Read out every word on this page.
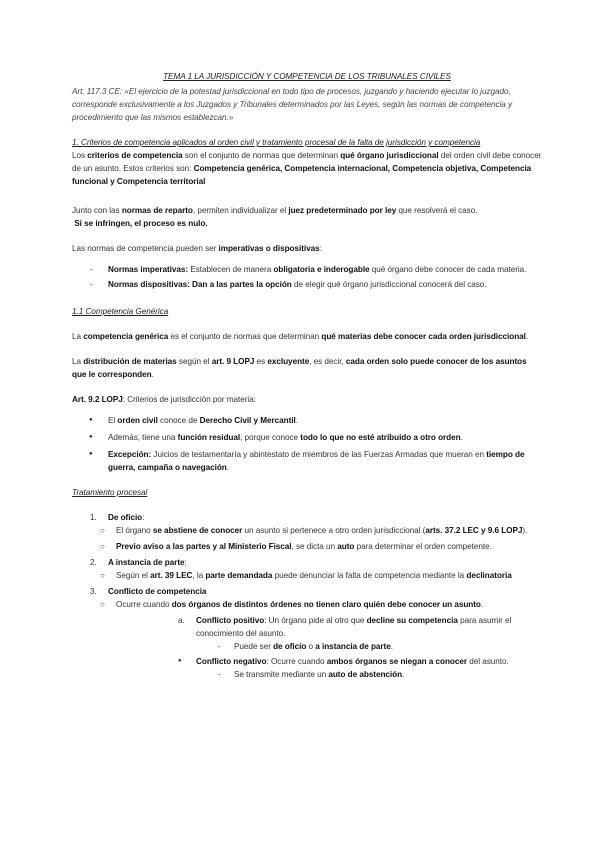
TEMA 1 LA JURISDICCIÓN Y COMPETENCIA DE LOS TRIBUNALES CIVILES

Art. 117.3 CE: «El ejercicio de la potestad jurisdiccional en todo tipo de procesos, juzgando y haciendo ejecutar lo juzgado, corresponde exclusivamente a los Juzgados y Tribunales determinados por las Leyes, según las normas de competencia y procedimiento que las mismos establezcan.»

1. Criterios de competencia aplicados al orden civil y tratamiento procesal de la falta de jurisdicción y competencia

Los criterios de competencia son el conjunto de normas que determinan qué órgano jurisdiccional del orden civil debe conocer de un asunto. Estos criterios son: Competencia genérica, Competencia internacional, Competencia objetiva, Competencia funcional y Competencia territorial

Junto con las normas de reparto, permiten individualizar el juez predeterminado por ley que resolverá el caso.
Si se infringen, el proceso es nulo.

Las normas de competencia pueden ser imperativas o dispositivas:

- Normas imperativas: Establecen de manera obligatoria e inderogable qué órgano debe conocer de cada materia.
- Normas dispositivas: Dan a las partes la opción de elegir qué órgano jurisdiccional conocerá del caso.

1.1 Competencia Genérica

La competencia genérica es el conjunto de normas que determinan qué materias debe conocer cada orden jurisdiccional.

La distribución de materias según el art. 9 LOPJ es excluyente, es decir, cada orden solo puede conocer de los asuntos que le corresponden.

Art. 9.2 LOPJ: Criterios de jurisdicción por materia:

● El orden civil conoce de Derecho Civil y Mercantil.
● Además, tiene una función residual, porque conoce todo lo que no esté atribuido a otro orden.
● Excepción: Juicios de testamentaría y abintestato de miembros de las Fuerzas Armadas que mueran en tiempo de guerra, campaña o navegación.

Tratamiento procesal

1. De oficio:
○ El órgano se abstiene de conocer un asunto si pertenece a otro orden jurisdiccional (arts. 37.2 LEC y 9.6 LOPJ).
○ Previo aviso a las partes y al Ministerio Fiscal, se dicta un auto para determinar el orden competente.
2. A instancia de parte:
○ Según el art. 39 LEC, la parte demandada puede denunciar la falta de competencia mediante la declinatoria
3. Conflicto de competencia
○ Ocurre cuando dos órganos de distintos órdenes no tienen claro quién debe conocer un asunto.
a. Conflicto positivo: Un órgano pide al otro que decline su competencia para asumir el conocimiento del asunto.
- Puede ser de oficio o a instancia de parte.
● Conflicto negativo: Ocurre cuando ambos órganos se niegan a conocer del asunto.
- Se transmite mediante un auto de abstención.
